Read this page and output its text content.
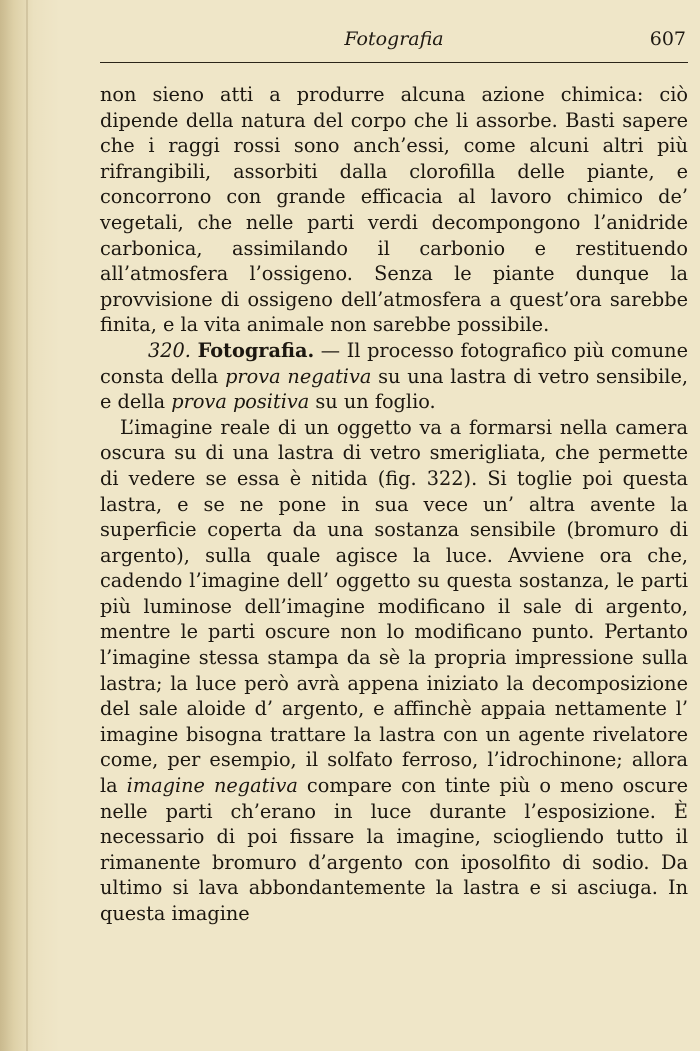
Fotografia	607

non sieno atti a produrre alcuna azione chimica: ciò dipende della natura del corpo che li assorbe. Basti sapere che i raggi rossi sono anch’essi, come alcuni altri più rifrangibili, assorbiti dalla clorofilla delle piante, e concorrono con grande efficacia al lavoro chimico de’ vegetali, che nelle parti verdi decompongono l’anidride carbonica, assimilando il carbonio e restituendo all’atmosfera l’ossigeno. Senza le piante dunque la provvisione di ossigeno dell’atmosfera a quest’ora sarebbe finita, e la vita animale non sarebbe possibile.

320. Fotografia. — Il processo fotografico più comune consta della prova negativa su una lastra di vetro sensibile, e della prova positiva su un foglio.

L’imagine reale di un oggetto va a formarsi nella camera oscura su di una lastra di vetro smerigliata, che permette di vedere se essa è nitida (fig. 322). Si toglie poi questa lastra, e se ne pone in sua vece un’ altra avente la superficie coperta da una sostanza sensibile (bromuro di argento), sulla quale agisce la luce. Avviene ora che, cadendo l’imagine dell’ oggetto su questa sostanza, le parti più luminose dell’imagine modificano il sale di argento, mentre le parti oscure non lo modificano punto. Pertanto l’imagine stessa stampa da sè la propria impressione sulla lastra; la luce però avrà appena iniziato la decomposizione del sale aloide d’ argento, e affinchè appaia nettamente l’ imagine bisogna trattare la lastra con un agente rivelatore come, per esempio, il solfato ferroso, l’idrochinone; allora la imagine negativa compare con tinte più o meno oscure nelle parti ch’erano in luce durante l’esposizione. È necessario di poi fissare la imagine, sciogliendo tutto il rimanente bromuro d’argento con iposolfito di sodio. Da ultimo si lava abbondantemente la lastra e si asciuga. In questa imagine
